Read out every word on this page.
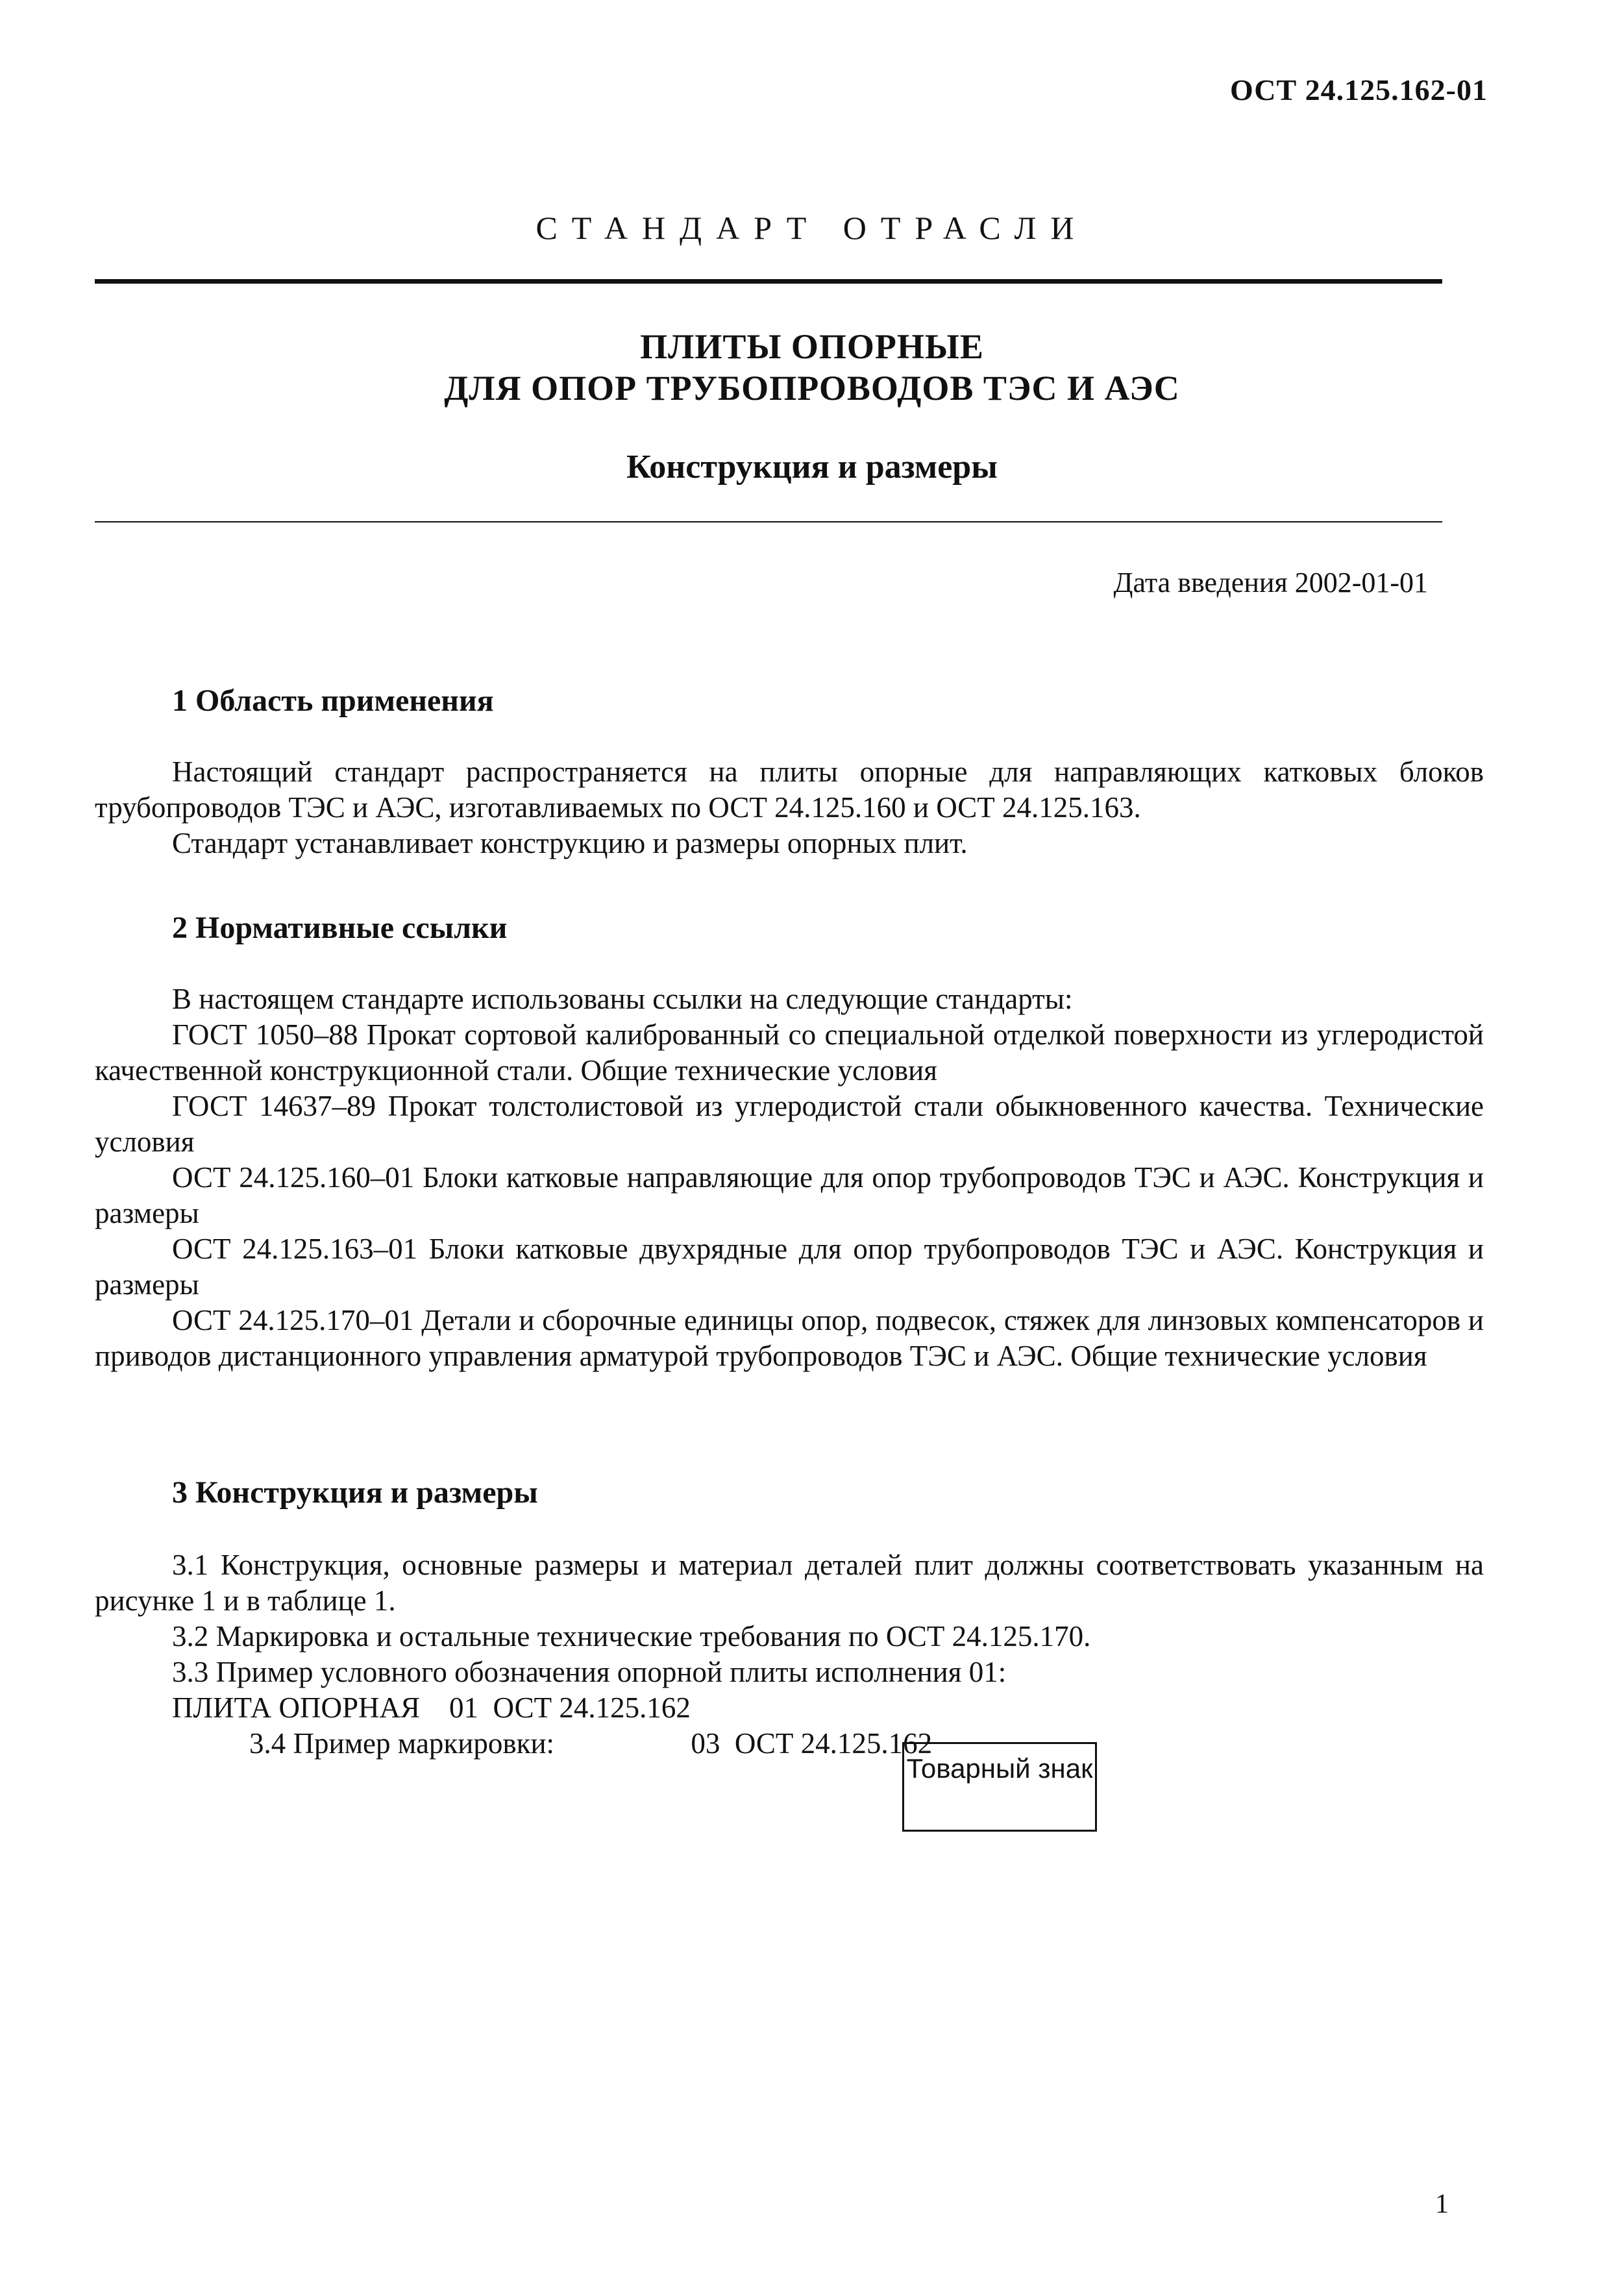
ОСТ 24.125.162-01
СТАНДАРТ ОТРАСЛИ
ПЛИТЫ ОПОРНЫЕ
ДЛЯ ОПОР ТРУБОПРОВОДОВ ТЭС И АЭС
Конструкция и размеры
Дата введения 2002-01-01
1 Область применения

Настоящий стандарт распространяется на плиты опорные для направляющих катковых блоков трубопроводов ТЭС и АЭС, изготавливаемых по ОСТ 24.125.160 и ОСТ 24.125.163.

Стандарт устанавливает конструкцию и размеры опорных плит.

2 Нормативные ссылки

В настоящем стандарте использованы ссылки на следующие стандарты:

ГОСТ 1050–88 Прокат сортовой калиброванный со специальной отделкой поверхности из углеродистой качественной конструкционной стали. Общие технические условия

ГОСТ 14637–89 Прокат толстолистовой из углеродистой стали обыкновенного качества. Технические условия

ОСТ 24.125.160–01 Блоки катковые направляющие для опор трубопроводов ТЭС и АЭС. Конструкция и размеры

ОСТ 24.125.163–01 Блоки катковые двухрядные для опор трубопроводов ТЭС и АЭС. Конструкция и размеры

ОСТ 24.125.170–01 Детали и сборочные единицы опор, подвесок, стяжек для линзовых компенсаторов и приводов дистанционного управления арматурой трубопроводов ТЭС и АЭС. Общие технические условия

3 Конструкция и размеры

3.1 Конструкция, основные размеры и материал деталей плит должны соответствовать указанным на рисунке 1 и в таблице 1.

3.2 Маркировка и остальные технические требования по ОСТ 24.125.170.

3.3 Пример условного обозначения опорной плиты исполнения 01:

ПЛИТА ОПОРНАЯ    01  ОСТ 24.125.162

3.4 Пример маркировки:	03  ОСТ 24.125.162

Товарный знак
1
